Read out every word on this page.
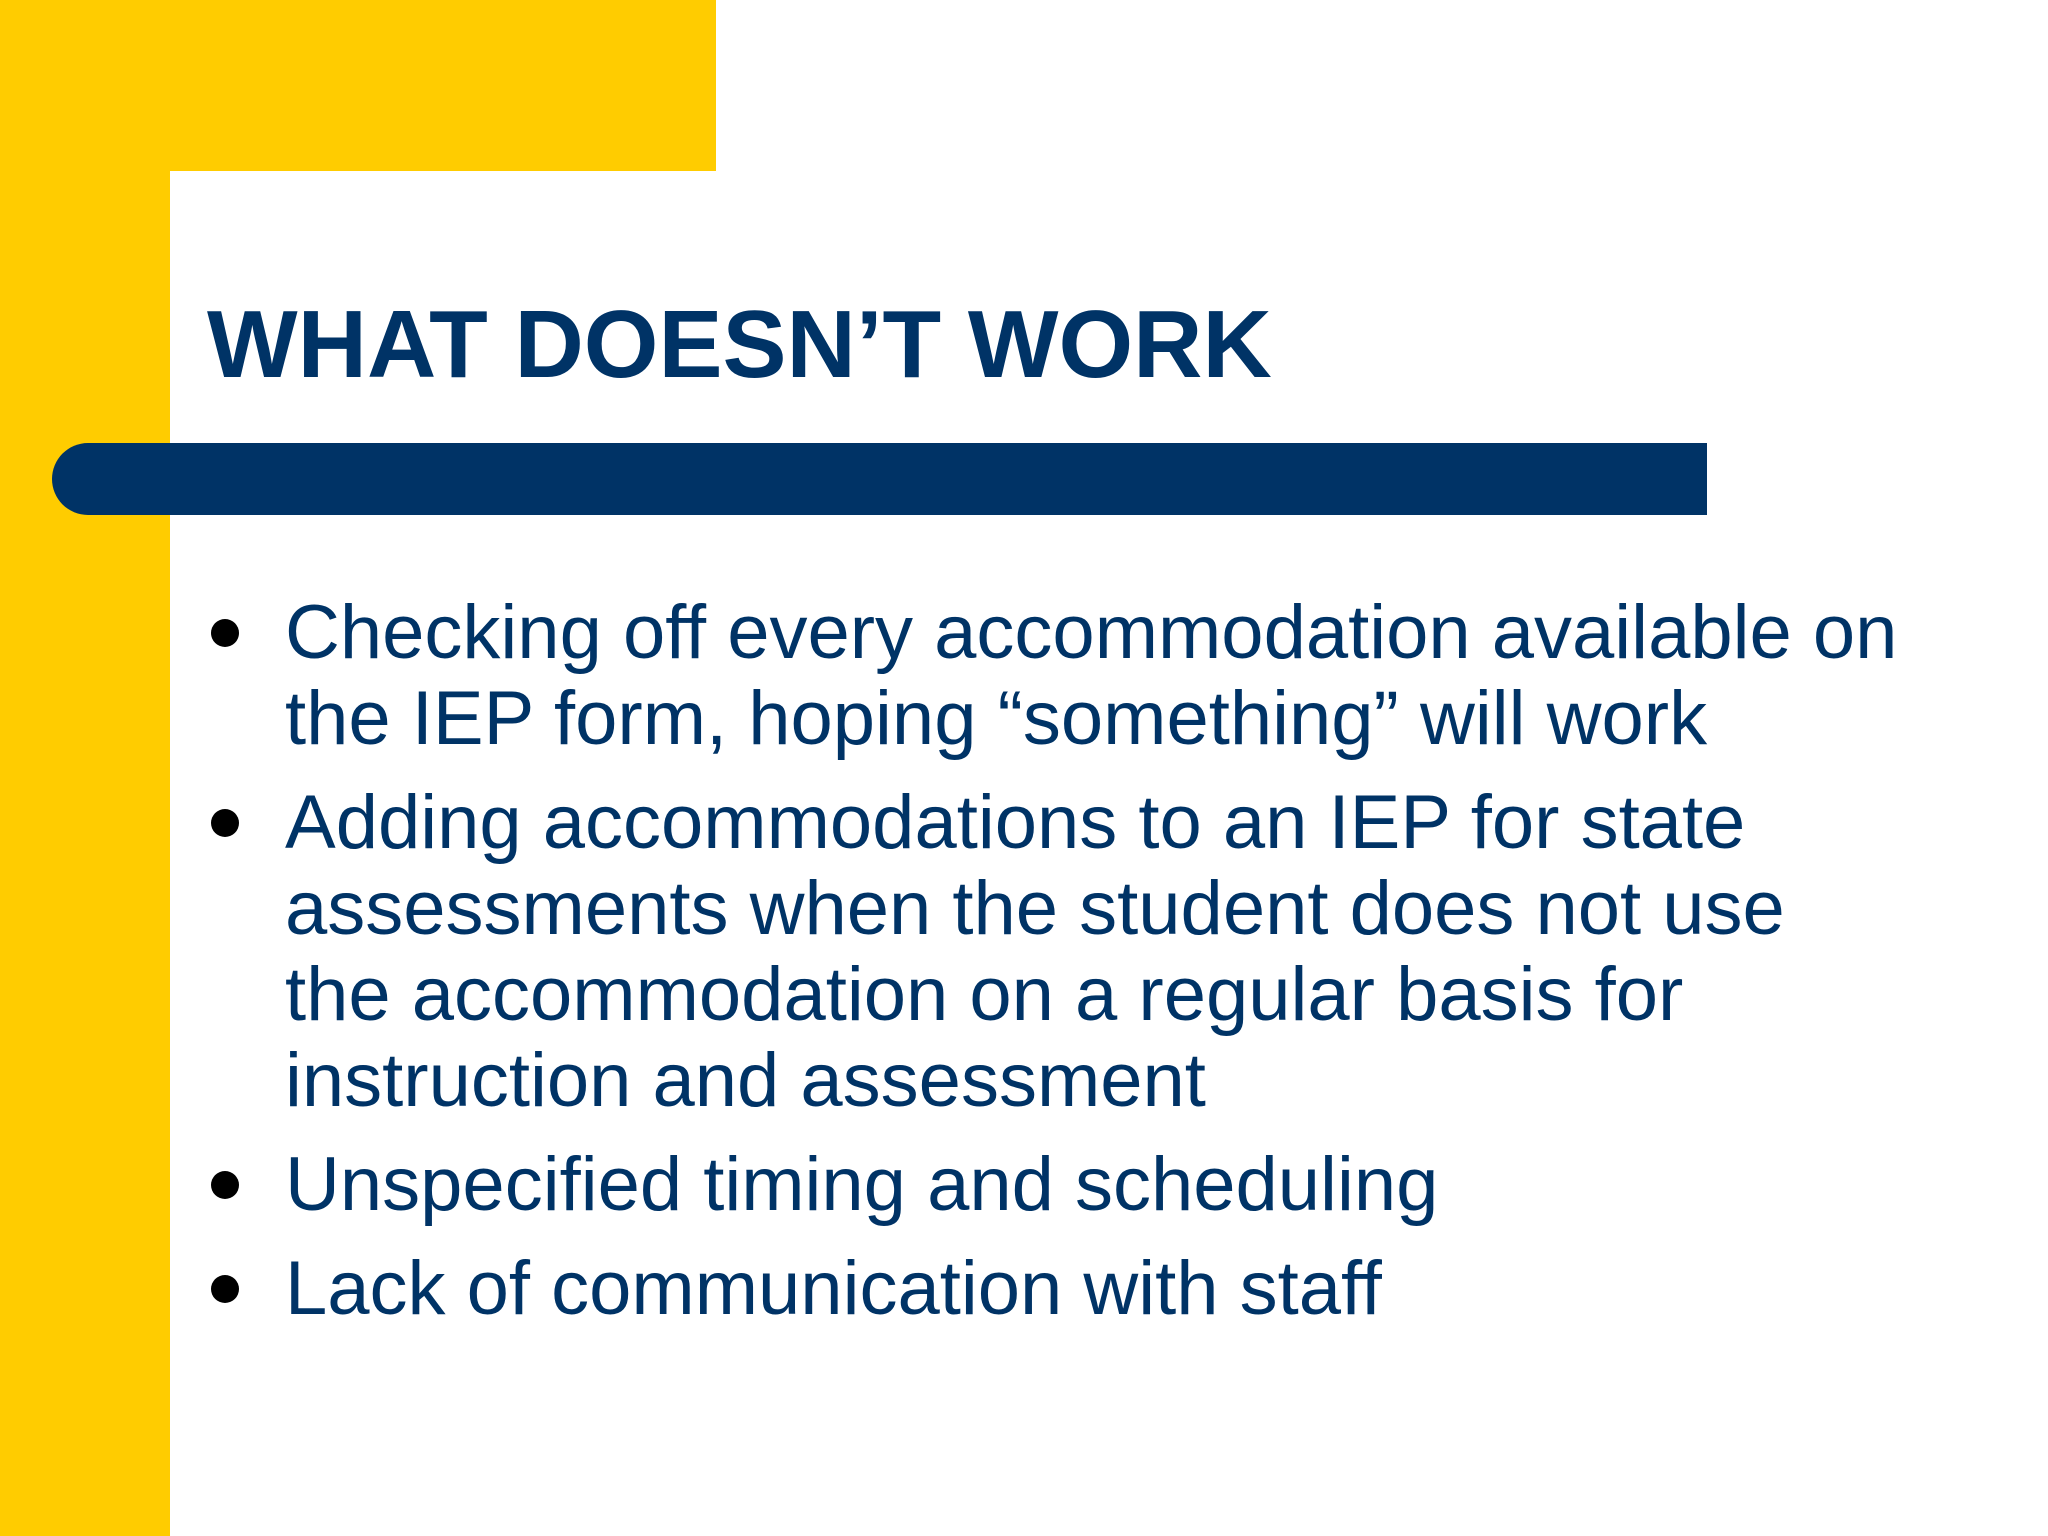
WHAT DOESN’T WORK
Checking off every accommodation available on the IEP form, hoping “something” will work
Adding accommodations to an IEP for state assessments when the student does not use the accommodation on a regular basis for instruction and assessment
Unspecified timing and scheduling
Lack of communication with staff
